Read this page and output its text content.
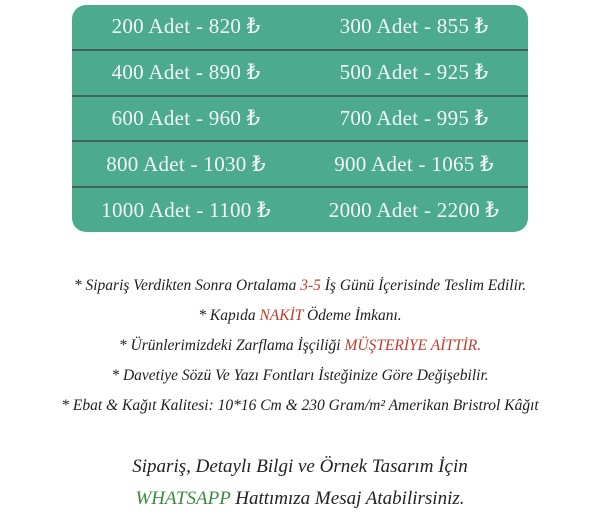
200 Adet - 820 ₺	300 Adet - 855 ₺
400 Adet - 890 ₺	500 Adet - 925 ₺
600 Adet - 960 ₺	700 Adet - 995 ₺
800 Adet - 1030 ₺	900 Adet - 1065 ₺
1000 Adet - 1100 ₺	2000 Adet - 2200 ₺

* Sipariş Verdikten Sonra Ortalama 3-5 İş Günü İçerisinde Teslim Edilir.

* Kapıda NAKİT Ödeme İmkanı.

* Ürünlerimizdeki Zarflama İşçiliği MÜŞTERİYE AİTTİR.

* Davetiye Sözü Ve Yazı Fontları İsteğinize Göre Değişebilir.

* Ebat & Kağıt Kalitesi: 10*16 Cm & 230 Gram/m² Amerikan Bristrol Kâğıt

Sipariş, Detaylı Bilgi ve Örnek Tasarım İçin

WHATSAPP Hattımıza Mesaj Atabilirsiniz.
